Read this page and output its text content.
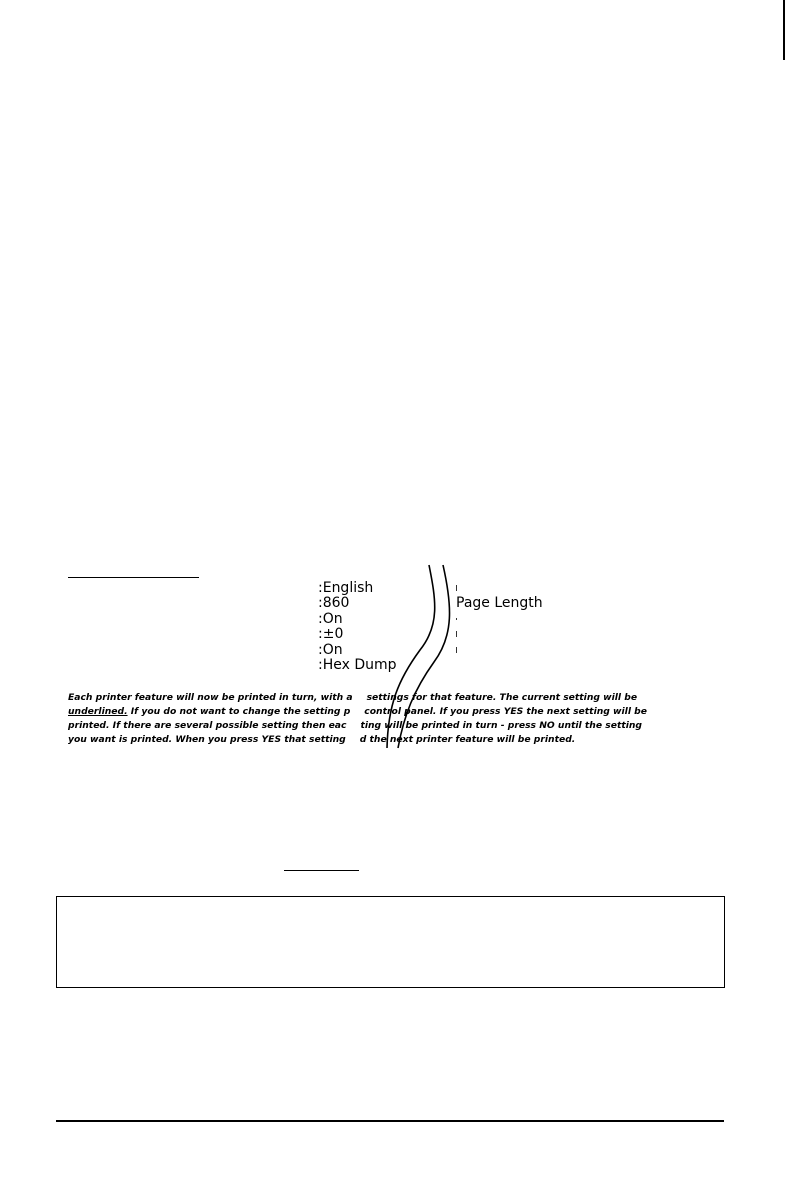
:English
:860
:On
:±0
:On
:Hex Dump
Page Length
Each printer feature will now be printed in turn, with a settings for that feature. The current setting will be
underlined. If you do not want to change the setting p control panel. If you press YES the next setting will be
printed. If there are several possible setting then eac ting will be printed in turn - press NO until the setting
you want is printed. When you press YES that setting d the next printer feature will be printed.
